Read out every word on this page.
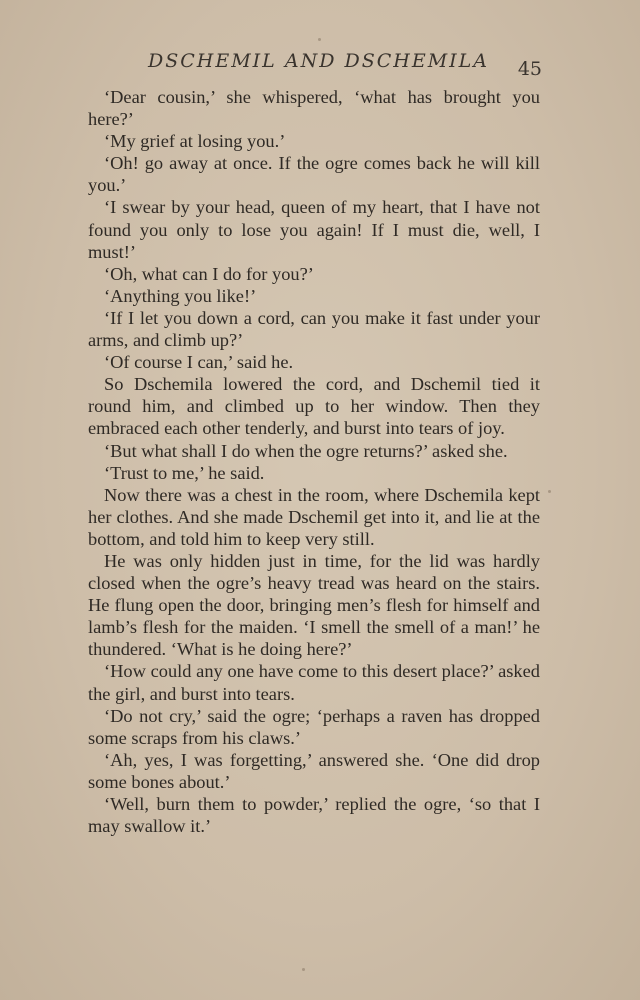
DSCHEMIL AND DSCHEMILA 45

‘Dear cousin,’ she whispered, ‘what has brought you here?’

‘My grief at losing you.’

‘Oh! go away at once. If the ogre comes back he will kill you.’

‘I swear by your head, queen of my heart, that I have not found you only to lose you again! If I must die, well, I must!’

‘Oh, what can I do for you?’

‘Anything you like!’

‘If I let you down a cord, can you make it fast under your arms, and climb up?’

‘Of course I can,’ said he.

So Dschemila lowered the cord, and Dschemil tied it round him, and climbed up to her window. Then they embraced each other tenderly, and burst into tears of joy.

‘But what shall I do when the ogre returns?’ asked she.

‘Trust to me,’ he said.

Now there was a chest in the room, where Dschemila kept her clothes. And she made Dschemil get into it, and lie at the bottom, and told him to keep very still.

He was only hidden just in time, for the lid was hardly closed when the ogre’s heavy tread was heard on the stairs. He flung open the door, bringing men’s flesh for himself and lamb’s flesh for the maiden. ‘I smell the smell of a man!’ he thundered. ‘What is he doing here?’

‘How could any one have come to this desert place?’ asked the girl, and burst into tears.

‘Do not cry,’ said the ogre; ‘perhaps a raven has dropped some scraps from his claws.’

‘Ah, yes, I was forgetting,’ answered she. ‘One did drop some bones about.’

‘Well, burn them to powder,’ replied the ogre, ‘so that I may swallow it.’
